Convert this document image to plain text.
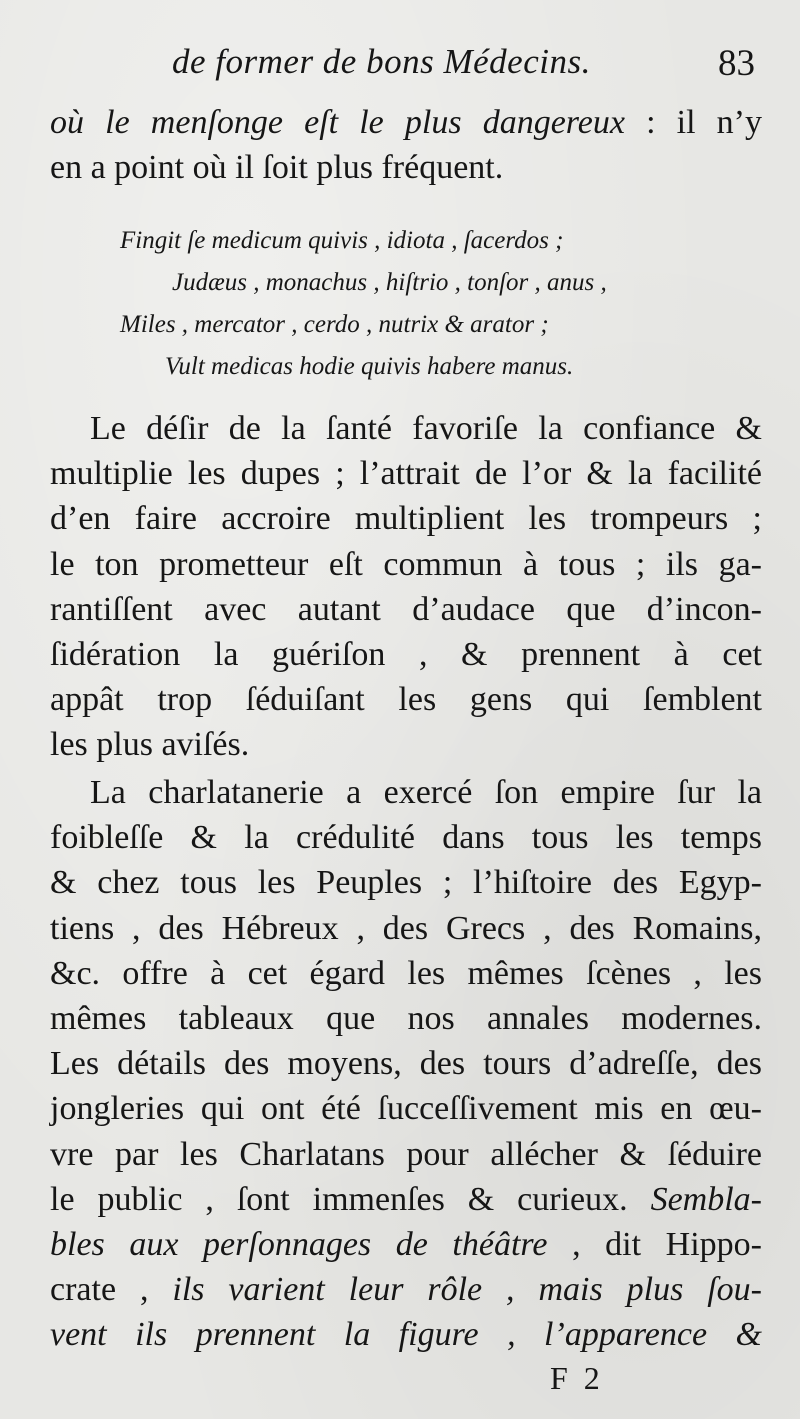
de former de bons Médecins.	83
où le menſonge eſt le plus dangereux : il n’y
en a point où il ſoit plus fréquent.
Fingit ſe medicum quivis , idiota , ſacerdos ;
Judæus , monachus , hiſtrio , tonſor , anus ,
Miles , mercator , cerdo , nutrix & arator ;
Vult medicas hodie quivis habere manus.
Le déſir de la ſanté favoriſe la confiance &
multiplie les dupes ; l’attrait de l’or & la facilité
d’en faire accroire multiplient les trompeurs ;
le ton prometteur eſt commun à tous ; ils ga-
rantiſſent avec autant d’audace que d’incon-
ſidération la guériſon , & prennent à cet
appât trop ſéduiſant les gens qui ſemblent
les plus aviſés.
La charlatanerie a exercé ſon empire ſur la
foibleſſe & la crédulité dans tous les temps
& chez tous les Peuples ; l’hiſtoire des Egyp-
tiens , des Hébreux , des Grecs , des Romains,
&c. offre à cet égard les mêmes ſcènes , les
mêmes tableaux que nos annales modernes.
Les détails des moyens, des tours d’adreſſe, des
jongleries qui ont été ſucceſſivement mis en œu-
vre par les Charlatans pour allécher & ſéduire
le public , ſont immenſes & curieux. Sembla-
bles aux perſonnages de théâtre , dit Hippo-
crate , ils varient leur rôle , mais plus ſou-
vent ils prennent la figure , l’apparence &
F 2
